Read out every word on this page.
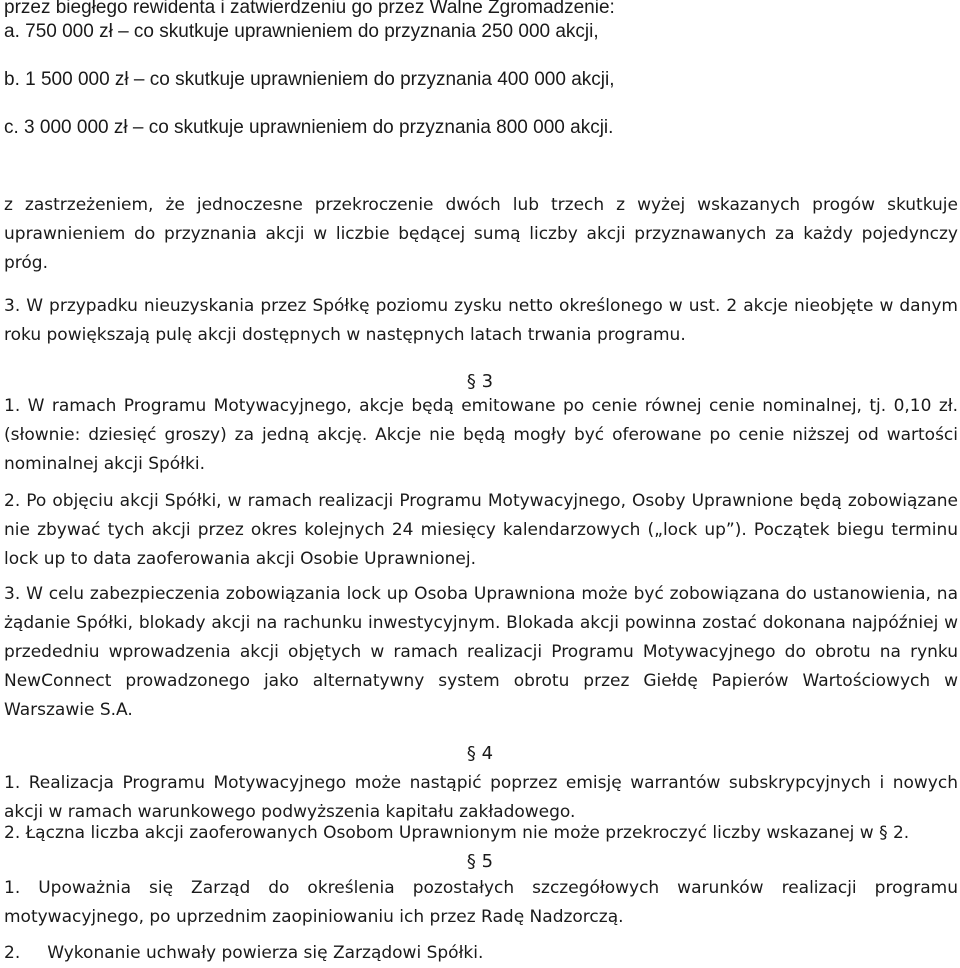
przez biegłego rewidenta i zatwierdzeniu go przez Walne Zgromadzenie:
a. 750 000 zł – co skutkuje uprawnieniem do przyznania 250 000 akcji,
b. 1 500 000 zł – co skutkuje uprawnieniem do przyznania 400 000 akcji,
c. 3 000 000 zł – co skutkuje uprawnieniem do przyznania 800 000 akcji.

z zastrzeżeniem, że jednoczesne przekroczenie dwóch lub trzech z wyżej wskazanych progów skutkuje uprawnieniem do przyznania akcji w liczbie będącej sumą liczby akcji przyznawanych za każdy pojedynczy próg.

3. W przypadku nieuzyskania przez Spółkę poziomu zysku netto określonego w ust. 2 akcje nieobjęte w danym roku powiększają pulę akcji dostępnych w następnych latach trwania programu.

§ 3

1. W ramach Programu Motywacyjnego, akcje będą emitowane po cenie równej cenie nominalnej, tj. 0,10 zł. (słownie: dziesięć groszy) za jedną akcję. Akcje nie będą mogły być oferowane po cenie niższej od wartości nominalnej akcji Spółki.

2. Po objęciu akcji Spółki, w ramach realizacji Programu Motywacyjnego, Osoby Uprawnione będą zobowiązane nie zbywać tych akcji przez okres kolejnych 24 miesięcy kalendarzowych („lock up”). Początek biegu terminu lock up to data zaoferowania akcji Osobie Uprawnionej.

3. W celu zabezpieczenia zobowiązania lock up Osoba Uprawniona może być zobowiązana do ustanowienia, na żądanie Spółki, blokady akcji na rachunku inwestycyjnym. Blokada akcji powinna zostać dokonana najpóźniej w przededniu wprowadzenia akcji objętych w ramach realizacji Programu Motywacyjnego do obrotu na rynku NewConnect prowadzonego jako alternatywny system obrotu przez Giełdę Papierów Wartościowych w Warszawie S.A.

§ 4

1. Realizacja Programu Motywacyjnego może nastąpić poprzez emisję warrantów subskrypcyjnych i nowych akcji w ramach warunkowego podwyższenia kapitału zakładowego.

2. Łączna liczba akcji zaoferowanych Osobom Uprawnionym nie może przekroczyć liczby wskazanej w § 2.

§ 5

1. Upoważnia się Zarząd do określenia pozostałych szczegółowych warunków realizacji programu motywacyjnego, po uprzednim zaopiniowaniu ich przez Radę Nadzorczą.

2.     Wykonanie uchwały powierza się Zarządowi Spółki.
